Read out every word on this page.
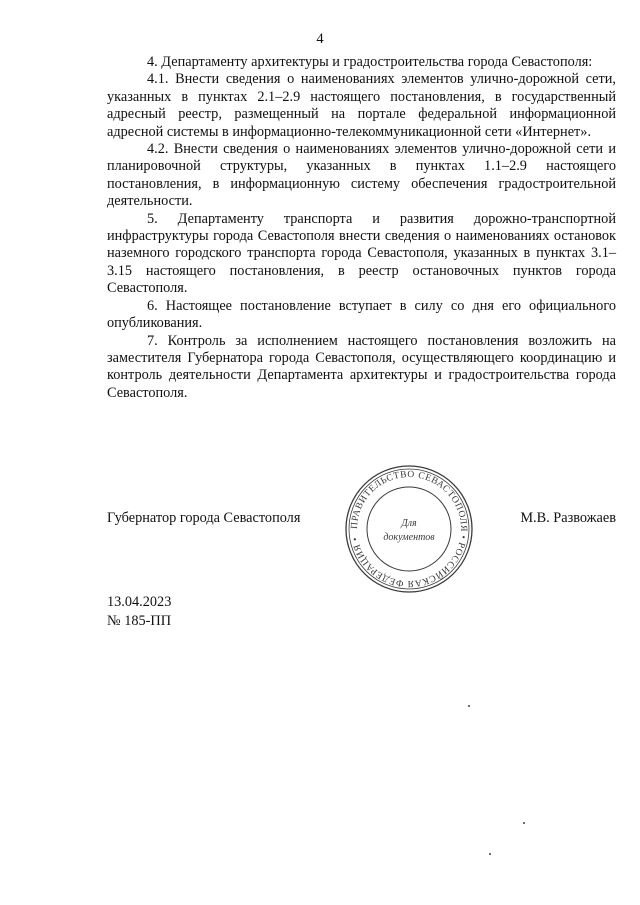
4

4. Департаменту архитектуры и градостроительства города Севастополя:

4.1. Внести сведения о наименованиях элементов улично-дорожной сети, указанных в пунктах 2.1–2.9 настоящего постановления, в государственный адресный реестр, размещенный на портале федеральной информационной адресной системы в информационно-телекоммуникационной сети «Интернет».

4.2. Внести сведения о наименованиях элементов улично-дорожной сети и планировочной структуры, указанных в пунктах 1.1–2.9 настоящего постановления, в информационную систему обеспечения градостроительной деятельности.

5. Департаменту транспорта и развития дорожно-транспортной инфраструктуры города Севастополя внести сведения о наименованиях остановок наземного городского транспорта города Севастополя, указанных в пунктах 3.1–3.15 настоящего постановления, в реестр остановочных пунктов города Севастополя.

6. Настоящее постановление вступает в силу со дня его официального опубликования.

7. Контроль за исполнением настоящего постановления возложить на заместителя Губернатора города Севастополя, осуществляющего координацию и контроль деятельности Департамента архитектуры и градостроительства города Севастополя.

Губернатор города Севастополя	М.В. Развожаев
ПРАВИТЕЛЬСТВО СЕВАСТОПОЛЯ • РОССИЙСКАЯ ФЕДЕРАЦИЯ •
Для
документов
13.04.2023
№ 185-ПП
